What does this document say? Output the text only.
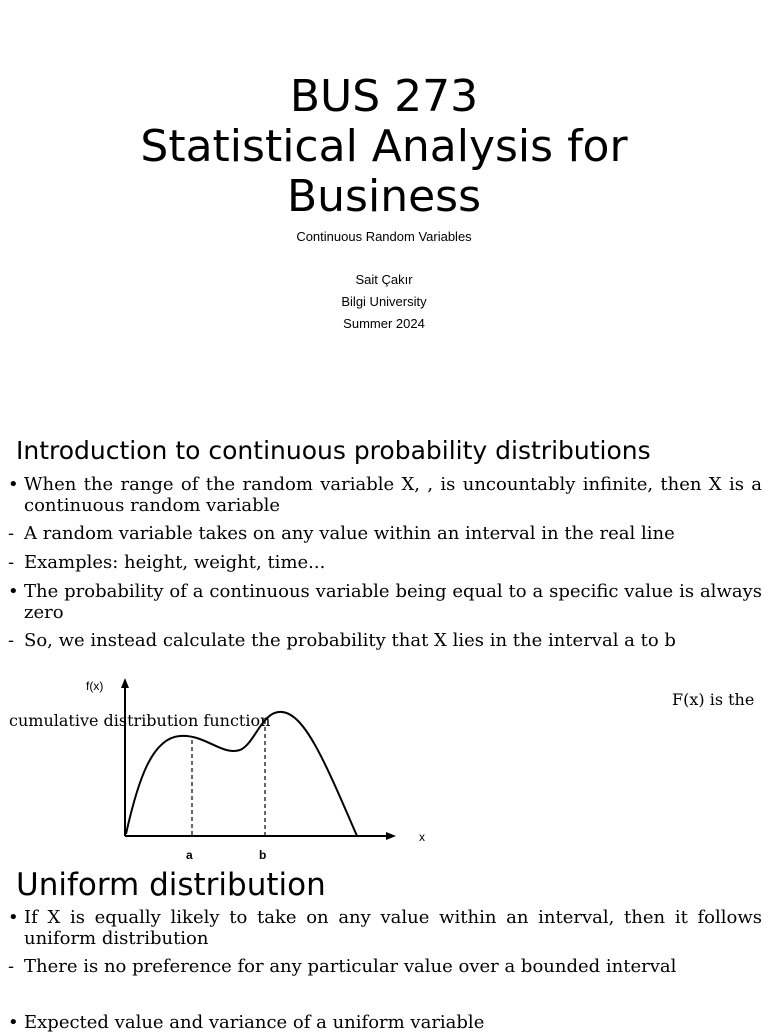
BUS 273
Statistical Analysis for
Business
Continuous Random Variables
Sait Çakır
Bilgi University
Summer 2024
Introduction to continuous probability distributions
• When the range of the random variable X, , is uncountably infinite, then X is a continuous random variable
- A random variable takes on any value within an interval in the real line
- Examples: height, weight, time...
• The probability of a continuous variable being equal to a specific value is always zero
- So, we instead calculate the probability that X lies in the interval a to b
f(x)
x
a	b
F(x) is the
cumulative distribution function
Uniform distribution
• If X is equally likely to take on any value within an interval, then it follows uniform distribution
- There is no preference for any particular value over a bounded interval
• Expected value and variance of a uniform variable
